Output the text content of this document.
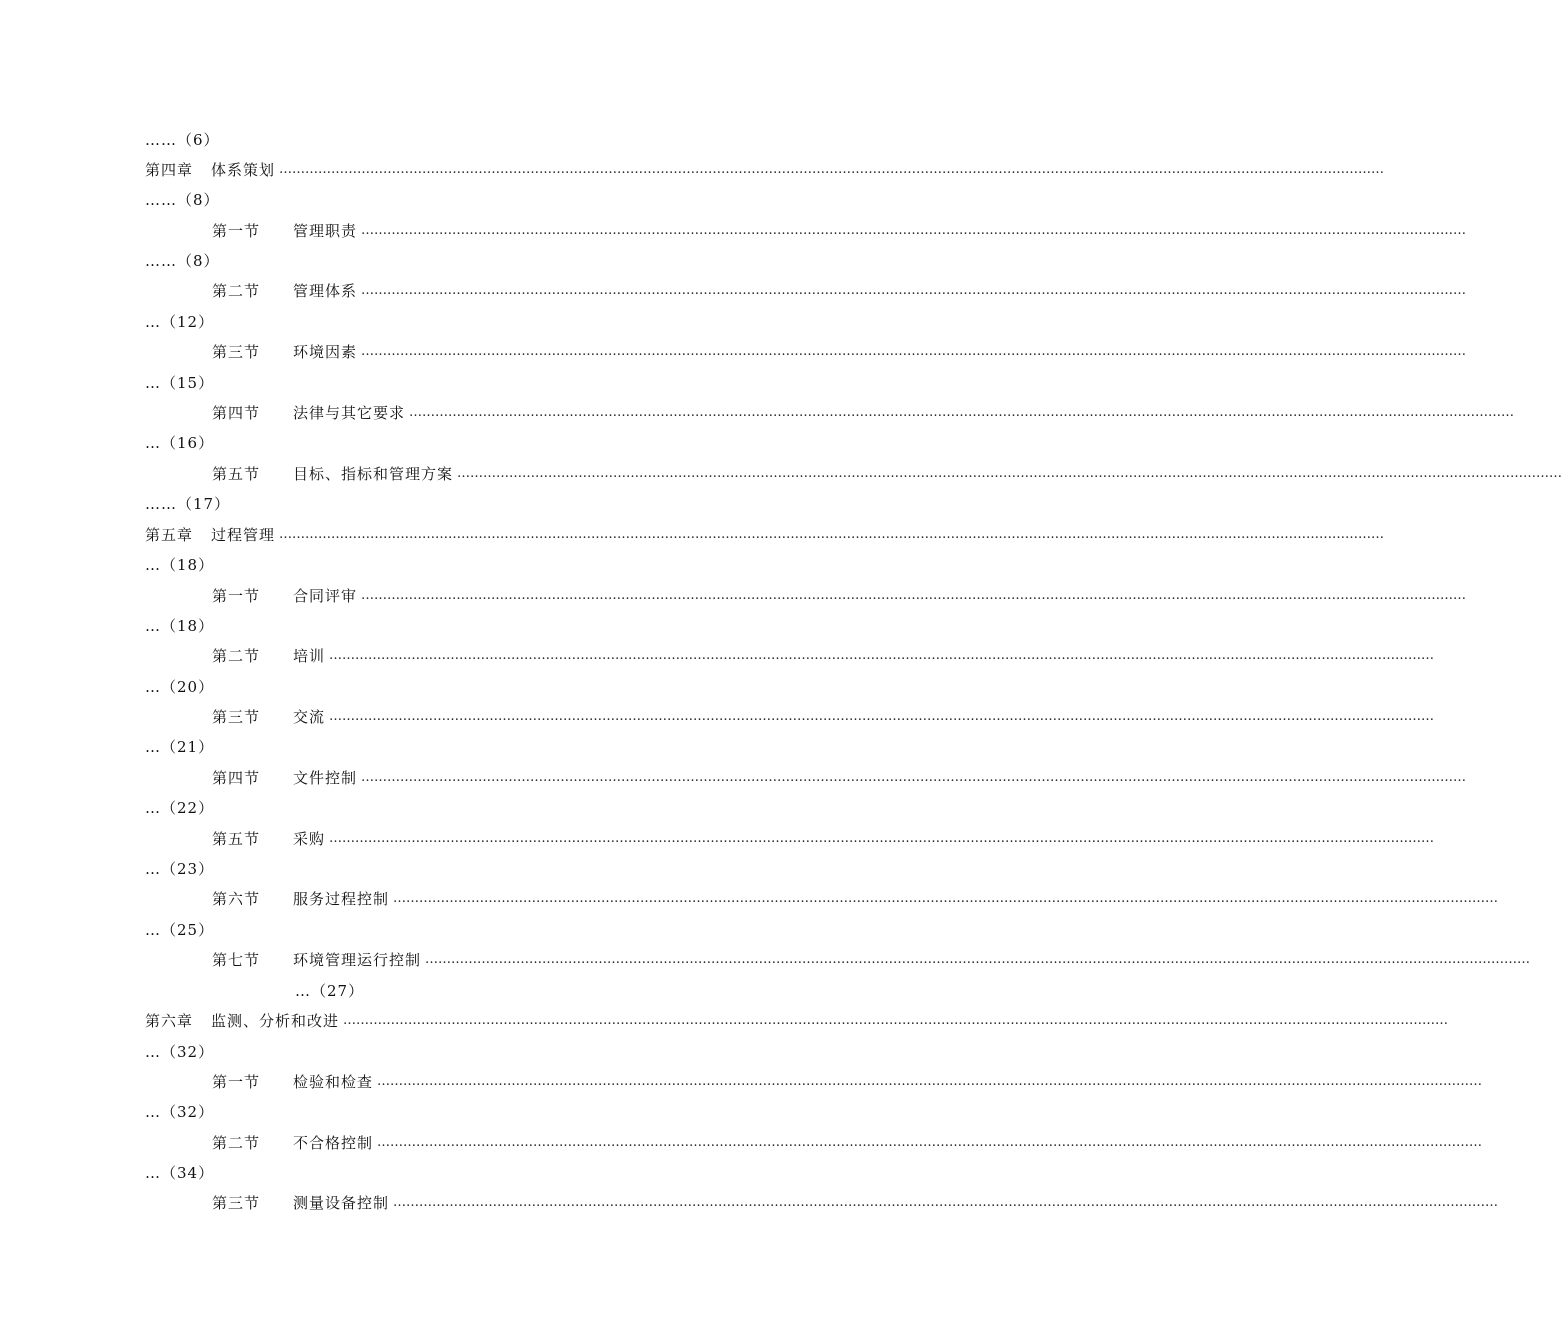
……（6）
第四章 体系策划 …………………………………………………………………………………………………………………………………………………………………………………………………………………………………
……（8）
第一节 管理职责 …………………………………………………………………………………………………………………………………………………………………………………………………………………………………
……（8）
第二节 管理体系 …………………………………………………………………………………………………………………………………………………………………………………………………………………………………
…（12）
第三节 环境因素 …………………………………………………………………………………………………………………………………………………………………………………………………………………………………
…（15）
第四节 法律与其它要求 …………………………………………………………………………………………………………………………………………………………………………………………………………………………………
…（16）
第五节 目标、指标和管理方案 …………………………………………………………………………………………………………………………………………………………………………………………………………………………………
……（17）
第五章 过程管理 …………………………………………………………………………………………………………………………………………………………………………………………………………………………………
…（18）
第一节 合同评审 …………………………………………………………………………………………………………………………………………………………………………………………………………………………………
…（18）
第二节 培训 …………………………………………………………………………………………………………………………………………………………………………………………………………………………………
…（20）
第三节 交流 …………………………………………………………………………………………………………………………………………………………………………………………………………………………………
…（21）
第四节 文件控制 …………………………………………………………………………………………………………………………………………………………………………………………………………………………………
…（22）
第五节 采购 …………………………………………………………………………………………………………………………………………………………………………………………………………………………………
…（23）
第六节 服务过程控制 …………………………………………………………………………………………………………………………………………………………………………………………………………………………………
…（25）
第七节 环境管理运行控制 …………………………………………………………………………………………………………………………………………………………………………………………………………………………………
…（27）
第六章 监测、分析和改进 …………………………………………………………………………………………………………………………………………………………………………………………………………………………………
…（32）
第一节 检验和检查 …………………………………………………………………………………………………………………………………………………………………………………………………………………………………
…（32）
第二节 不合格控制 …………………………………………………………………………………………………………………………………………………………………………………………………………………………………
…（34）
第三节 测量设备控制 …………………………………………………………………………………………………………………………………………………………………………………………………………………………………
